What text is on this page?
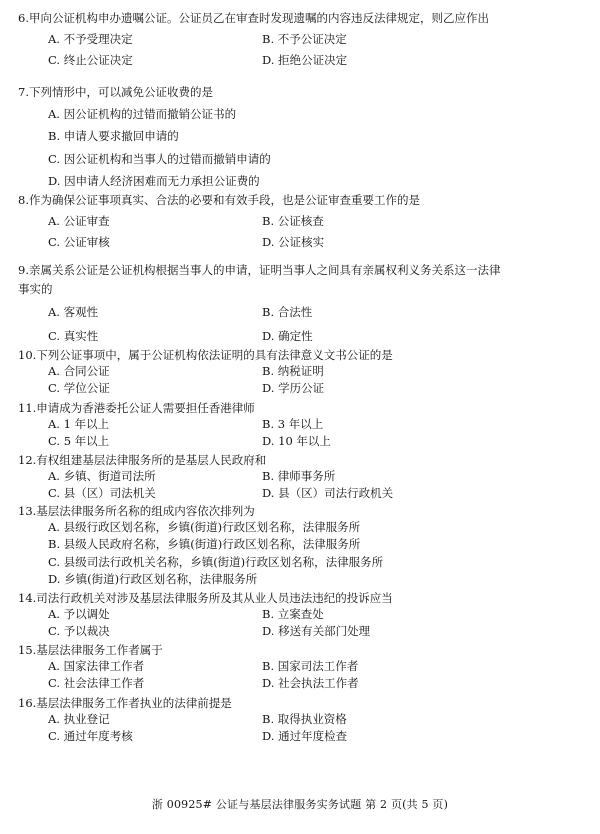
6.甲向公证机构申办遗嘱公证。公证员乙在审查时发现遗嘱的内容违反法律规定，则乙应作出
A. 不予受理决定	B. 不予公证决定
C. 终止公证决定	D. 拒绝公证决定
7.下列情形中，可以减免公证收费的是
A. 因公证机构的过错而撤销公证书的
B. 申请人要求撤回申请的
C. 因公证机构和当事人的过错而撤销申请的
D. 因申请人经济困难而无力承担公证费的
8.作为确保公证事项真实、合法的必要和有效手段，也是公证审查重要工作的是
A. 公证审查	B. 公证核查
C. 公证审核	D. 公证核实
9.亲属关系公证是公证机构根据当事人的申请，证明当事人之间具有亲属权利义务关系这一法律
事实的
A. 客观性	B. 合法性
C. 真实性	D. 确定性
10.下列公证事项中，属于公证机构依法证明的具有法律意义文书公证的是
A. 合同公证	B. 纳税证明
C. 学位公证	D. 学历公证
11.申请成为香港委托公证人需要担任香港律师
A. 1 年以上	B. 3 年以上
C. 5 年以上	D. 10 年以上
12.有权组建基层法律服务所的是基层人民政府和
A. 乡镇、街道司法所	B. 律师事务所
C. 县（区）司法机关	D. 县（区）司法行政机关
13.基层法律服务所名称的组成内容依次排列为
A. 县级行政区划名称，乡镇(街道)行政区划名称，法律服务所
B. 县级人民政府名称，乡镇(街道)行政区划名称，法律服务所
C. 县级司法行政机关名称，乡镇(街道)行政区划名称，法律服务所
D. 乡镇(街道)行政区划名称，法律服务所
14.司法行政机关对涉及基层法律服务所及其从业人员违法违纪的投诉应当
A. 予以调处	B. 立案查处
C. 予以裁决	D. 移送有关部门处理
15.基层法律服务工作者属于
A. 国家法律工作者	B. 国家司法工作者
C. 社会法律工作者	D. 社会执法工作者
16.基层法律服务工作者执业的法律前提是
A. 执业登记	B. 取得执业资格
C. 通过年度考核	D. 通过年度检查
浙 00925# 公证与基层法律服务实务试题 第 2 页(共 5 页)
